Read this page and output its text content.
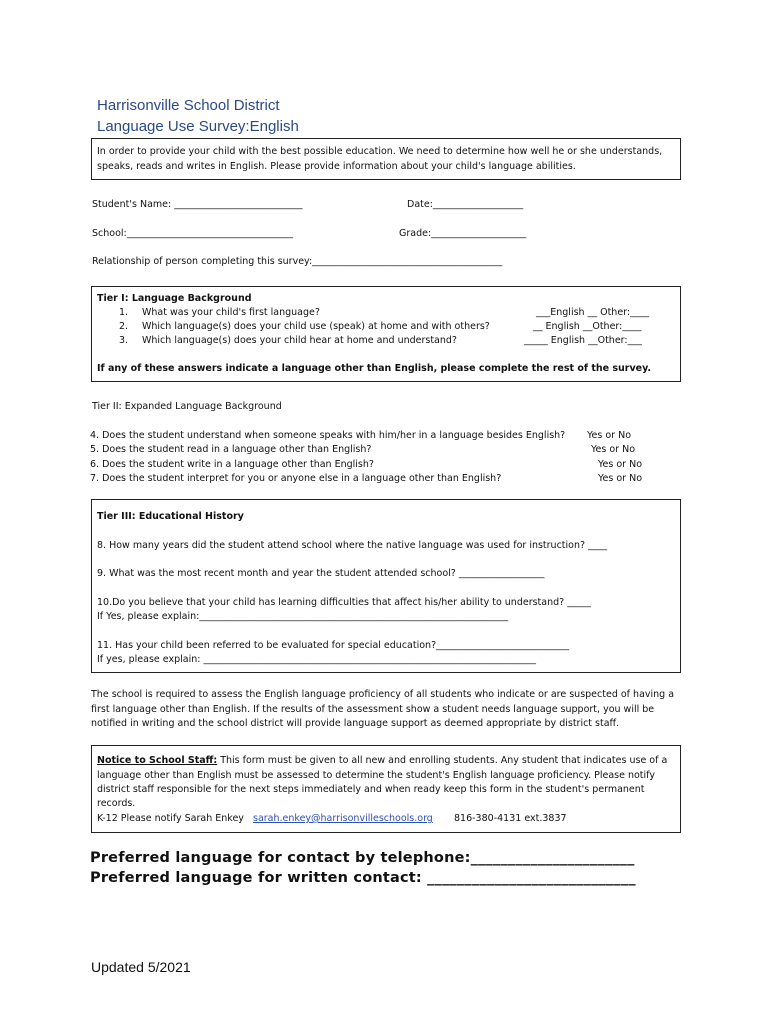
Harrisonville School District
Language Use Survey:English
In order to provide your child with the best possible education. We need to determine how well he or she understands,
speaks, reads and writes in English. Please provide information about your child's language abilities.
Student's Name: ___________________________	Date:___________________
School:___________________________________	Grade:____________________
Relationship of person completing this survey:________________________________________
Tier I: Language Background
1. What was your child's first language?	___English __ Other:____
2. Which language(s) does your child use (speak) at home and with others?	__ English __Other:____
3. Which language(s) does your child hear at home and understand?	_____ English __Other:___
If any of these answers indicate a language other than English, please complete the rest of the survey.
Tier II: Expanded Language Background
4. Does the student understand when someone speaks with him/her in a language besides English? Yes or No
5. Does the student read in a language other than English?	Yes or No
6. Does the student write in a language other than English?	Yes or No
7. Does the student interpret for you or anyone else in a language other than English?	Yes or No
Tier III: Educational History
8. How many years did the student attend school where the native language was used for instruction? ____
9. What was the most recent month and year the student attended school? __________________
10.Do you believe that your child has learning difficulties that affect his/her ability to understand? _____
If Yes, please explain:_________________________________________________________________
11. Has your child been referred to be evaluated for special education?____________________________
If yes, please explain: ______________________________________________________________________
The school is required to assess the English language proficiency of all students who indicate or are suspected of having a
first language other than English. If the results of the assessment show a student needs language support, you will be
notified in writing and the school district will provide language support as deemed appropriate by district staff.
Notice to School Staff: This form must be given to all new and enrolling students. Any student that indicates use of a
language other than English must be assessed to determine the student's English language proficiency. Please notify
district staff responsible for the next steps immediately and when ready keep this form in the student's permanent
records.
K-12 Please notify Sarah Enkey sarah.enkey@harrisonvilleschools.org 816-380-4131 ext.3837
Preferred language for contact by telephone:______________________
Preferred language for written contact: ____________________________
Updated 5/2021
